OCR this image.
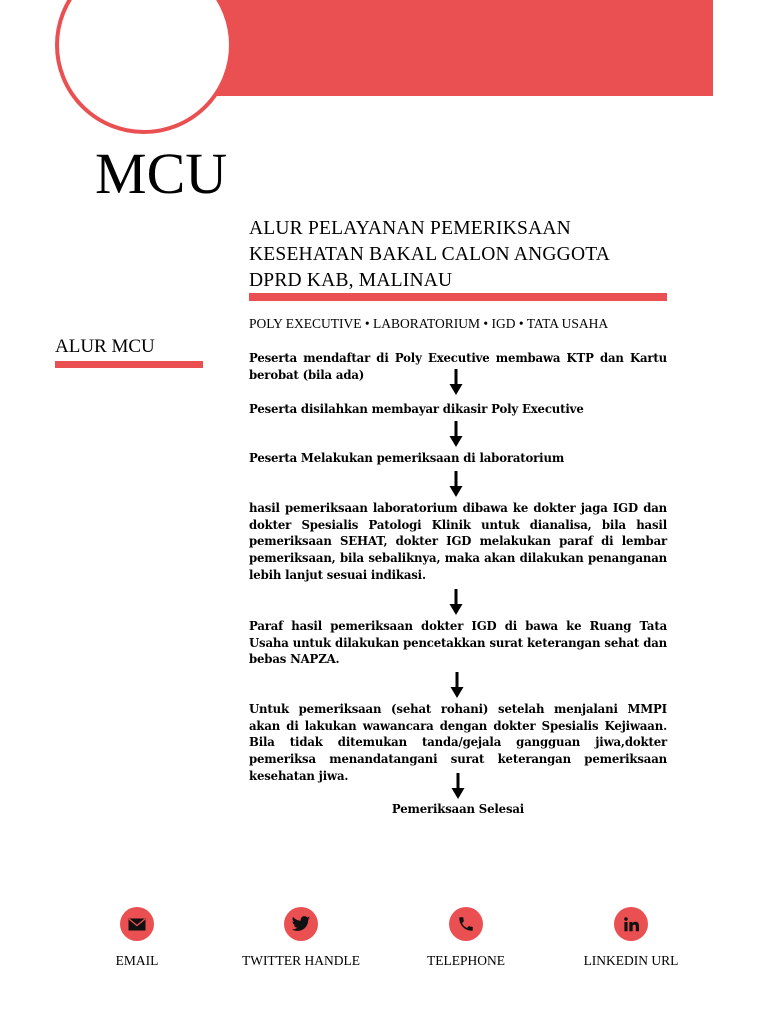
MCU
ALUR PELAYANAN PEMERIKSAAN
KESEHATAN BAKAL CALON ANGGOTA
DPRD KAB, MALINAU
POLY EXECUTIVE • LABORATORIUM • IGD • TATA USAHA
ALUR MCU
Peserta mendaftar di Poly Executive membawa KTP dan Kartu berobat (bila ada)
Peserta disilahkan membayar dikasir Poly Executive
Peserta Melakukan pemeriksaan di laboratorium
hasil pemeriksaan laboratorium dibawa ke dokter jaga IGD dan dokter Spesialis Patologi Klinik untuk dianalisa, bila hasil pemeriksaan SEHAT, dokter IGD melakukan paraf di lembar pemeriksaan, bila sebaliknya, maka akan dilakukan penanganan lebih lanjut sesuai indikasi.
Paraf hasil pemeriksaan dokter IGD di bawa ke Ruang Tata Usaha untuk dilakukan pencetakkan surat keterangan sehat dan bebas NAPZA.
Untuk pemeriksaan (sehat rohani) setelah menjalani MMPI akan di lakukan wawancara dengan dokter Spesialis Kejiwaan. Bila tidak ditemukan tanda/gejala gangguan jiwa,dokter pemeriksa menandatangani surat keterangan pemeriksaan kesehatan jiwa.
Pemeriksaan Selesai
EMAIL	TWITTER HANDLE	TELEPHONE	LINKEDIN URL
